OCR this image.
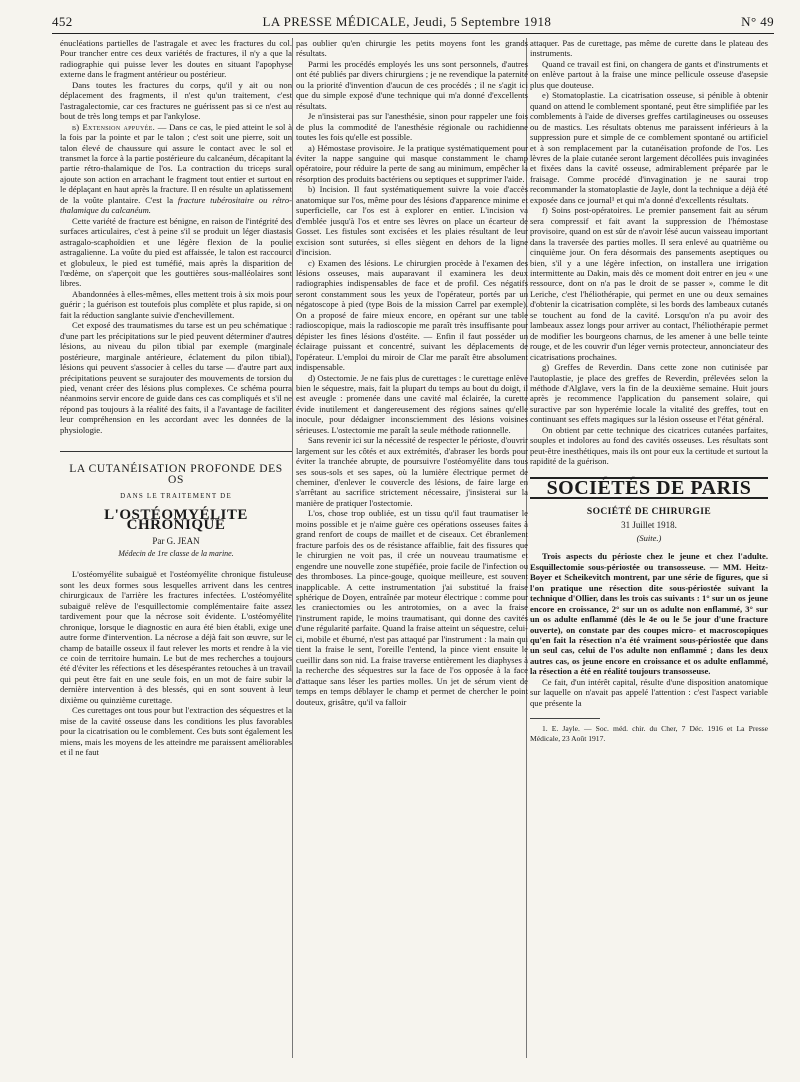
452	LA PRESSE MÉDICALE, Jeudi, 5 Septembre 1918	N° 49

énucléations partielles de l'astragale et avec les fractures du col. Pour trancher entre ces deux variétés de fractures, il n'y a que la radiographie qui puisse lever les doutes en situant l'apophyse externe dans le fragment antérieur ou postérieur.

Dans toutes les fractures du corps, qu'il y ait ou non déplacement des fragments, il n'est qu'un traitement, c'est l'astragalectomie, car ces fractures ne guérissent pas si ce n'est au bout de très long temps et par l'ankylose.

b) Extension appuyée. — Dans ce cas, le pied atteint le sol à la fois par la pointe et par le talon ; c'est soit une pierre, soit un talon élevé de chaussure qui assure le contact avec le sol et transmet la force à la partie postérieure du calcanéum, décapitant la partie rétro-thalamique de l'os. La contraction du triceps sural ajoute son action en arrachant le fragment tout entier et surtout en le déplaçant en haut après la fracture. Il en résulte un aplatissement de la voûte plantaire. C'est la fracture tubérositaire ou rétro-thalamique du calcanéum.

Cette variété de fracture est bénigne, en raison de l'intégrité des surfaces articulaires, c'est à peine s'il se produit un léger diastasis astragalo-scaphoïdien et une légère flexion de la poulie astragalienne. La voûte du pied est affaissée, le talon est raccourci et globuleux, le pied est tuméfié, mais après la disparition de l'œdème, on s'aperçoit que les gouttières sous-malléolaires sont libres.

Abandonnées à elles-mêmes, elles mettent trois à six mois pour guérir ; la guérison est toutefois plus complète et plus rapide, si on fait la réduction sanglante suivie d'enchevillement.

Cet exposé des traumatismes du tarse est un peu schématique : d'une part les précipitations sur le pied peuvent déterminer d'autres lésions, au niveau du pilon tibial par exemple (marginale postérieure, marginale antérieure, éclatement du pilon tibial), lésions qui peuvent s'associer à celles du tarse — d'autre part aux précipitations peuvent se surajouter des mouvements de torsion du pied, venant créer des lésions plus complexes. Ce schéma pourra néanmoins servir encore de guide dans ces cas compliqués et s'il ne répond pas toujours à la réalité des faits, il a l'avantage de faciliter leur compréhension en les accordant avec les données de la physiologie.

LA CUTANÉISATION PROFONDE DES OS
DANS LE TRAITEMENT DE
L'OSTÉOMYÉLITE CHRONIQUE
Par G. JEAN
Médecin de 1re classe de la marine.

L'ostéomyélite subaiguë et l'ostéomyélite chronique fistuleuse sont les deux formes sous lesquelles arrivent dans les centres chirurgicaux de l'arrière les fractures infectées. L'ostéomyélite subaiguë relève de l'esquillectomie complémentaire faite assez tardivement pour que la nécrose soit évidente. L'ostéomyélite chronique, lorsque le diagnostic en aura été bien établi, exige une autre forme d'intervention. La nécrose a déjà fait son œuvre, sur le champ de bataille osseux il faut relever les morts et rendre à la vie ce coin de territoire humain. Le but de mes recherches a toujours été d'éviter les réfections et les désespérantes retouches à un travail qui peut être fait en une seule fois, en un mot de faire subir la dernière intervention à des blessés, qui en sont souvent à leur dixième ou quinzième curettage.

Ces curettages ont tous pour but l'extraction des séquestres et la mise de la cavité osseuse dans les conditions les plus favorables pour la cicatrisation ou le comblement. Ces buts sont également les miens, mais les moyens de les atteindre me paraissent améliorables et il ne faut

pas oublier qu'en chirurgie les petits moyens font les grands résultats.

Parmi les procédés employés les uns sont personnels, d'autres ont été publiés par divers chirurgiens ; je ne revendique la paternité ou la priorité d'invention d'aucun de ces procédés ; il ne s'agit ici que du simple exposé d'une technique qui m'a donné d'excellents résultats.

Je n'insisterai pas sur l'anesthésie, sinon pour rappeler une fois de plus la commodité de l'anesthésie régionale ou rachidienne toutes les fois qu'elle est possible.

a) Hémostase provisoire. Je la pratique systématiquement pour éviter la nappe sanguine qui masque constamment le champ opératoire, pour réduire la perte de sang au minimum, empêcher la résorption des produits bactériens ou septiques et supprimer l'aide.

b) Incision. Il faut systématiquement suivre la voie d'accès anatomique sur l'os, même pour des lésions d'apparence minime et superficielle, car l'os est à explorer en entier. L'incision va d'emblée jusqu'à l'os et entre ses lèvres on place un écarteur de Gosset. Les fistules sont excisées et les plaies résultant de leur excision sont suturées, si elles siègent en dehors de la ligne d'incision.

c) Examen des lésions. Le chirurgien procède à l'examen des lésions osseuses, mais auparavant il examinera les deux radiographies indispensables de face et de profil. Ces négatifs seront constamment sous les yeux de l'opérateur, portés par un négatoscope à pied (type Bois de la mission Carrel par exemple). On a proposé de faire mieux encore, en opérant sur une table radioscopique, mais la radioscopie me paraît très insuffisante pour dépister les fines lésions d'ostéite. — Enfin il faut posséder un éclairage puissant et concentré, suivant les déplacements de l'opérateur. L'emploi du miroir de Clar me paraît être absolument indispensable.

d) Ostectomie. Je ne fais plus de curettages : le curettage enlève bien le séquestre, mais, fait la plupart du temps au bout du doigt, il est aveugle : promenée dans une cavité mal éclairée, la curette évide inutilement et dangereusement des régions saines qu'elle inocule, pour dédaigner inconsciemment des lésions voisines sérieuses. L'ostectomie me paraît la seule méthode rationnelle.

Sans revenir ici sur la nécessité de respecter le périoste, d'ouvrir largement sur les côtés et aux extrémités, d'abraser les bords pour éviter la tranchée abrupte, de poursuivre l'ostéomyélite dans tous ses sous-sols et ses sapes, où la lumière électrique permet de cheminer, d'enlever le couvercle des lésions, de faire large en s'arrêtant au sacrifice strictement nécessaire, j'insisterai sur la manière de pratiquer l'ostectomie.

L'os, chose trop oubliée, est un tissu qu'il faut traumatiser le moins possible et je n'aime guère ces opérations osseuses faites à grand renfort de coups de maillet et de ciseaux. Cet ébranlement fracture parfois des os de résistance affaiblie, fait des fissures que le chirurgien ne voit pas, il crée un nouveau traumatisme et engendre une nouvelle zone stupéfiée, proie facile de l'infection ou des thromboses. La pince-gouge, quoique meilleure, est souvent inapplicable. A cette instrumentation j'ai substitué la fraise sphérique de Doyen, entraînée par moteur électrique : comme pour les craniectomies ou les antrotomies, on a avec la fraise l'instrument rapide, le moins traumatisant, qui donne des cavités d'une régularité parfaite. Quand la fraise atteint un séquestre, celui-ci, mobile et éburné, n'est pas attaqué par l'instrument : la main qui tient la fraise le sent, l'oreille l'entend, la pince vient ensuite le cueillir dans son nid. La fraise traverse entièrement les diaphyses à la recherche des séquestres sur la face de l'os opposée à la face d'attaque sans léser les parties molles. Un jet de sérum vient de temps en temps déblayer le champ et permet de chercher le point douteux, grisâtre, qu'il va falloir

attaquer. Pas de curettage, pas même de curette dans le plateau des instruments.

Quand ce travail est fini, on changera de gants et d'instruments et on enlève partout à la fraise une mince pellicule osseuse d'asepsie plus que douteuse.

e) Stomatoplastie. La cicatrisation osseuse, si pénible à obtenir quand on attend le comblement spontané, peut être simplifiée par les comblements à l'aide de diverses greffes cartilagineuses ou osseuses ou de mastics. Les résultats obtenus me paraissent inférieurs à la suppression pure et simple de ce comblement spontané ou artificiel et à son remplacement par la cutanéisation profonde de l'os. Les lèvres de la plaie cutanée seront largement décollées puis invaginées et fixées dans la cavité osseuse, admirablement préparée par le fraisage. Comme procédé d'invagination je ne saurai trop recommander la stomatoplastie de Jayle, dont la technique a déjà été exposée dans ce journal¹ et qui m'a donné d'excellents résultats.

f) Soins post-opératoires. Le premier pansement fait au sérum sera compressif et fait avant la suppression de l'hémostase provisoire, quand on est sûr de n'avoir lésé aucun vaisseau important dans la traversée des parties molles. Il sera enlevé au quatrième ou cinquième jour. On fera désormais des pansements aseptiques ou bien, s'il y a une légère infection, on installera une irrigation intermittente au Dakin, mais dès ce moment doit entrer en jeu « une ressource, dont on n'a pas le droit de se passer », comme le dit Leriche, c'est l'héliothérapie, qui permet en une ou deux semaines d'obtenir la cicatrisation complète, si les bords des lambeaux cutanés se touchent au fond de la cavité. Lorsqu'on n'a pu avoir des lambeaux assez longs pour arriver au contact, l'héliothérapie permet de modifier les bourgeons charnus, de les amener à une belle teinte rouge, et de les couvrir d'un léger vernis protecteur, annonciateur des cicatrisations prochaines.

g) Greffes de Reverdin. Dans cette zone non cutinisée par l'autoplastie, je place des greffes de Reverdin, prélevées selon la méthode d'Alglave, vers la fin de la deuxième semaine. Huit jours après je recommence l'application du pansement solaire, qui suractive par son hyperémie locale la vitalité des greffes, tout en continuant ses effets magiques sur la lésion osseuse et l'état général.

On obtient par cette technique des cicatrices cutanées parfaites, souples et indolores au fond des cavités osseuses. Les résultats sont peut-être inesthétiques, mais ils ont pour eux la certitude et surtout la rapidité de la guérison.

SOCIÉTÉS DE PARIS
SOCIÉTÉ DE CHIRURGIE
31 Juillet 1918.
(Suite.)

Trois aspects du périoste chez le jeune et chez l'adulte. Esquillectomie sous-périostée ou transosseuse. — MM. Heitz-Boyer et Scheikevitch montrent, par une série de figures, que si l'on pratique une résection dite sous-périostée suivant la technique d'Ollier, dans les trois cas suivants : 1° sur un os jeune encore en croissance, 2° sur un os adulte non enflammé, 3° sur un os adulte enflammé (dès le 4e ou le 5e jour d'une fracture ouverte), on constate par des coupes micro- et macroscopiques qu'en fait la résection n'a été vraiment sous-périostée que dans un seul cas, celui de l'os adulte non enflammé ; dans les deux autres cas, os jeune encore en croissance et os adulte enflammé, la résection a été en réalité toujours transosseuse.

Ce fait, d'un intérêt capital, résulte d'une disposition anatomique sur laquelle on n'avait pas appelé l'attention : c'est l'aspect variable que présente la

1. E. Jayle. — Soc. méd. chir. du Cher, 7 Déc. 1916 et La Presse Médicale, 23 Août 1917.
